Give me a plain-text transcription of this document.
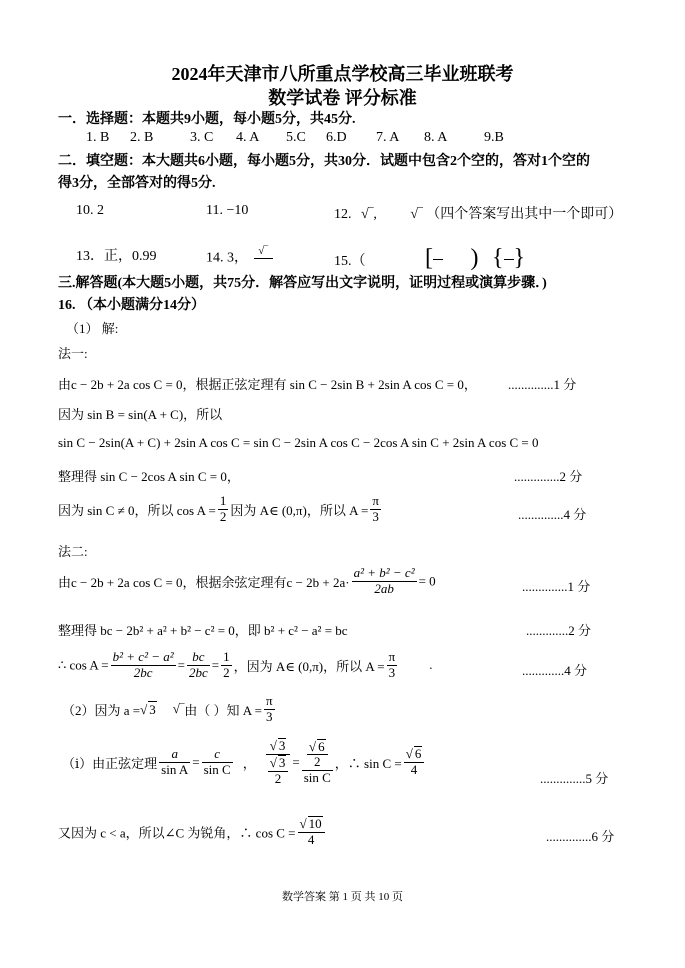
2024年天津市八所重点学校高三毕业班联考
数学试卷 评分标准
一．选择题：本题共9小题，每小题5分，共45分.
1. B 2. B	3. C 4. A 5.C 6.D 7. A 8. A	9.B
二．填空题：本大题共6小题，每小题5分，共30分．试题中包含2个空的，答对1个空的
得3分，全部答对的得5分.
10. 2	11. −10	12. √‾, √‾ （四个答案写出其中一个即可）
13．正，0.99	14. 3， √‾

15.（ [ ) { }
三.解答题(本大题5小题，共75分．解答应写出文字说明，证明过程或演算步骤．)
16. （本小题满分14分）
（1） 解:
法一:
由c − 2b + 2a cos C = 0，根据正弦定理有 sin C − 2sin B + 2sin A cos C = 0， ..............1 分
因为 sin B = sin(A + C)，所以
sin C − 2sin(A + C) + 2sin A cos C = sin C − 2sin A cos C − 2cos A sin C + 2sin A cos C = 0
整理得 sin C − 2cos A sin C = 0，	..............2 分
因为 sin C ≠ 0，所以 $\cos A = \frac{1}{2}$ 因为 A∈ (0,π)，所以 $A = \frac{\pi}{3}$	..............4 分
法二:
由c − 2b + 2a cos C = 0，根据余弦定理有$c - 2b + 2a\cdot \frac{\text{a² + b² − c²}}{2ab} = 0$	..............1 分
整理得 bc − 2b² + a² + b² − c² = 0，即 b² + c² − a² = bc	.............2 分
∴ $\cos A = \frac{\text{b² + c² − a²}}{2bc} = \frac{bc}{2bc} = \frac{1}{2}$ ，因为 A∈ (0,π)，所以 $A = \frac{\pi}{3}$ .	.............4 分
（2）因为 a =√ 3 √‾由（ ）知 $A = \frac{\pi}{3}$
（ⅰ）由正弦定理 $\frac{a}{\text{sin A}} = \frac{c}{\text{sin C}}$ ， $\frac{√ 3}{\frac{√ 3}{2}} = \frac{\frac{√ 6}{2}}{\text{sin C}}$ ，∴ $\sin C = \frac{√ 6}{4}$
..............5 分
又因为 c < a，所以∠C 为锐角，∴ $\cos C = \frac{√ 10}{4}$	..............6 分
数学答案 第 1 页 共 10 页
